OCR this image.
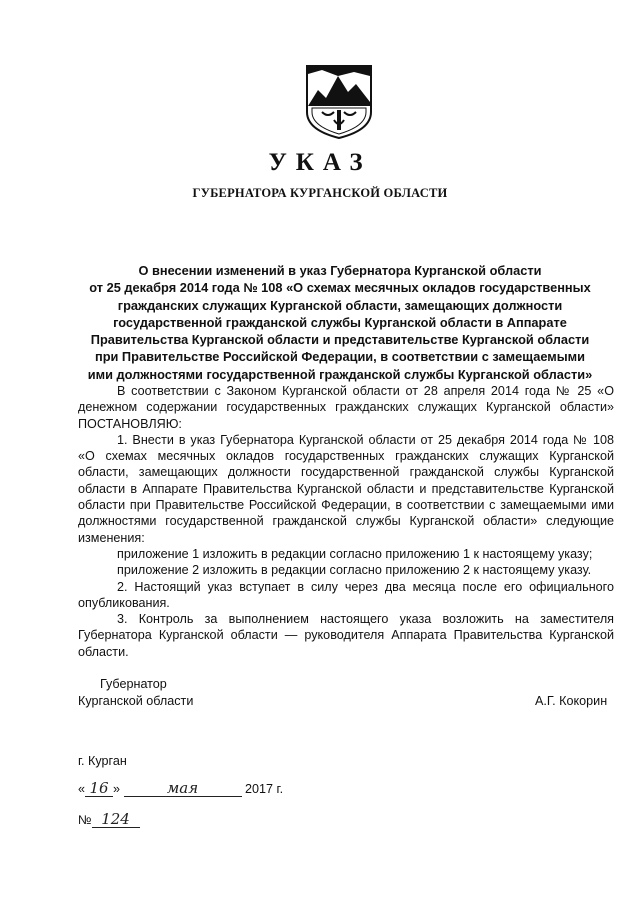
УКАЗ
ГУБЕРНАТОРА КУРГАНСКОЙ ОБЛАСТИ
О внесении изменений в указ Губернатора Курганской области
от 25 декабря 2014 года № 108 «О схемах месячных окладов государственных
гражданских служащих Курганской области, замещающих должности
государственной гражданской службы Курганской области в Аппарате
Правительства Курганской области и представительстве Курганской области
при Правительстве Российской Федерации, в соответствии с замещаемыми
ими должностями государственной гражданской службы Курганской области»

В соответствии с Законом Курганской области от 28 апреля 2014 года № 25 «О денежном содержании государственных гражданских служащих Курганской области» ПОСТАНОВЛЯЮ:

1. Внести в указ Губернатора Курганской области от 25 декабря 2014 года № 108 «О схемах месячных окладов государственных гражданских служащих Курганской области, замещающих должности государственной гражданской службы Курганской области в Аппарате Правительства Курганской области и представительстве Курганской области при Правительстве Российской Федерации, в соответствии с замещаемыми ими должностями государственной гражданской службы Курганской области» следующие изменения:

приложение 1 изложить в редакции согласно приложению 1 к настоящему указу;

приложение 2 изложить в редакции согласно приложению 2 к настоящему указу.

2. Настоящий указ вступает в силу через два месяца после его официального опубликования.

3. Контроль за выполнением настоящего указа возложить на заместителя Губернатора Курганской области — руководителя Аппарата Правительства Курганской области.

Губернатор
Курганской области	А.Г. Кокорин
г. Курган
« 16 »	мая	2017 г.
№ 124
